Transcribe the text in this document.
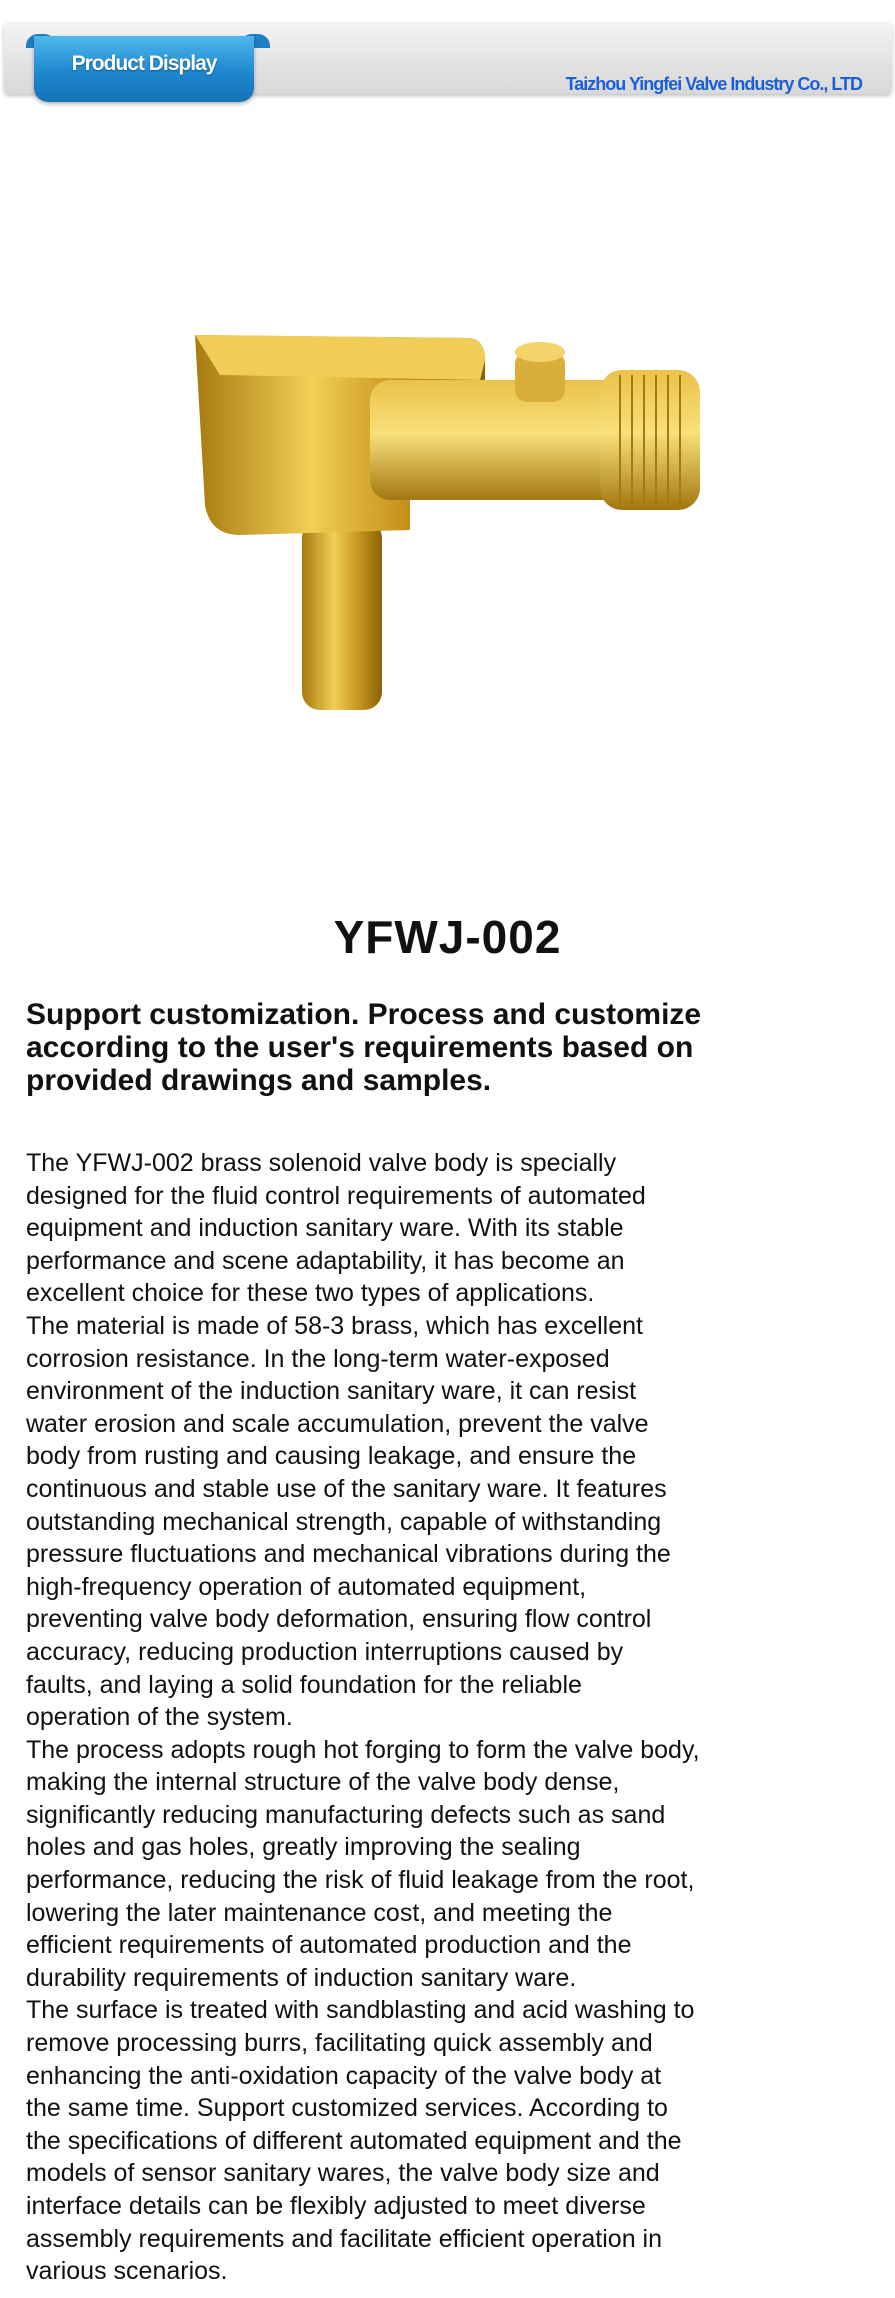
Product Display
Taizhou Yingfei Valve Industry Co., LTD
YFWJ-002
Support customization. Process and customize
according to the user's requirements based on
provided drawings and samples.
The YFWJ-002 brass solenoid valve body is specially
designed for the fluid control requirements of automated
equipment and induction sanitary ware. With its stable
performance and scene adaptability, it has become an
excellent choice for these two types of applications.
The material is made of 58-3 brass, which has excellent
corrosion resistance. In the long-term water-exposed
environment of the induction sanitary ware, it can resist
water erosion and scale accumulation, prevent the valve
body from rusting and causing leakage, and ensure the
continuous and stable use of the sanitary ware. It features
outstanding mechanical strength, capable of withstanding
pressure fluctuations and mechanical vibrations during the
high-frequency operation of automated equipment,
preventing valve body deformation, ensuring flow control
accuracy, reducing production interruptions caused by
faults, and laying a solid foundation for the reliable
operation of the system.
The process adopts rough hot forging to form the valve body,
making the internal structure of the valve body dense,
significantly reducing manufacturing defects such as sand
holes and gas holes, greatly improving the sealing
performance, reducing the risk of fluid leakage from the root,
lowering the later maintenance cost, and meeting the
efficient requirements of automated production and the
durability requirements of induction sanitary ware.
The surface is treated with sandblasting and acid washing to
remove processing burrs, facilitating quick assembly and
enhancing the anti-oxidation capacity of the valve body at
the same time. Support customized services. According to
the specifications of different automated equipment and the
models of sensor sanitary wares, the valve body size and
interface details can be flexibly adjusted to meet diverse
assembly requirements and facilitate efficient operation in
various scenarios.
